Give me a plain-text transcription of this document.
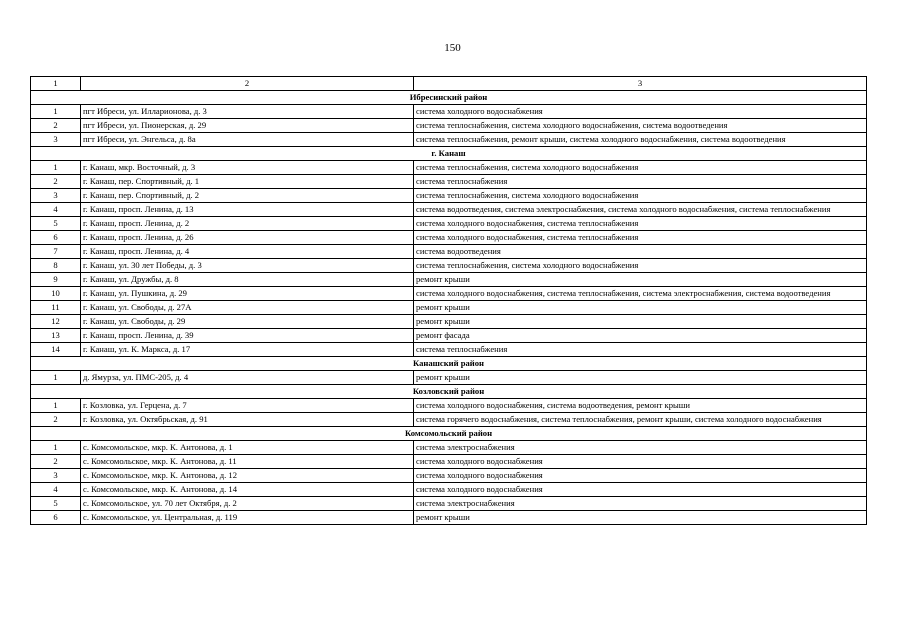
150
1	2	3
Ибресинский район		
1	пгт Ибреси, ул. Илларионова, д. 3	система холодного водоснабжения
2	пгт Ибреси, ул. Пионерская, д. 29	система теплоснабжения, система холодного водоснабжения, система водоотведения
3	пгт Ибреси, ул. Энгельса, д. 8а	система теплоснабжения, ремонт крыши, система холодного водоснабжения, система водоотведения
г. Канаш		
1	г. Канаш, мкр. Восточный, д. 3	система теплоснабжения, система холодного водоснабжения
2	г. Канаш, пер. Спортивный, д. 1	система теплоснабжения
3	г. Канаш, пер. Спортивный, д. 2	система теплоснабжения, система холодного водоснабжения
4	г. Канаш, просп. Ленина, д. 13	система водоотведения, система электроснабжения, система холодного водоснабжения, система теплоснабжения
5	г. Канаш, просп. Ленина, д. 2	система холодного водоснабжения, система теплоснабжения
6	г. Канаш, просп. Ленина, д. 26	система холодного водоснабжения, система теплоснабжения
7	г. Канаш, просп. Ленина, д. 4	система водоотведения
8	г. Канаш, ул. 30 лет Победы, д. 3	система теплоснабжения, система холодного водоснабжения
9	г. Канаш, ул. Дружбы, д. 8	ремонт крыши
10	г. Канаш, ул. Пушкина, д. 29	система холодного водоснабжения, система теплоснабжения, система электроснабжения, система водоотведения
11	г. Канаш, ул. Свободы, д. 27А	ремонт крыши
12	г. Канаш, ул. Свободы, д. 29	ремонт крыши
13	г. Канаш, просп. Ленина, д. 39	ремонт фасада
14	г. Канаш, ул. К. Маркса, д. 17	система теплоснабжения
Канашский район		
1	д. Ямурза, ул. ПМС-205, д. 4	ремонт крыши
Козловский район		
1	г. Козловка, ул. Герцена, д. 7	система холодного водоснабжения, система водоотведения, ремонт крыши
2	г. Козловка, ул. Октябрьская, д. 91	система горячего водоснабжения, система теплоснабжения, ремонт крыши, система холодного водоснабжения
Комсомольский район		
1	с. Комсомольское, мкр. К. Антонова, д. 1	система электроснабжения
2	с. Комсомольское, мкр. К. Антонова, д. 11	система холодного водоснабжения
3	с. Комсомольское, мкр. К. Антонова, д. 12	система холодного водоснабжения
4	с. Комсомольское, мкр. К. Антонова, д. 14	система холодного водоснабжения
5	с. Комсомольское, ул. 70 лет Октября, д. 2	система электроснабжения
6	с. Комсомольское, ул. Центральная, д. 119	ремонт крыши
